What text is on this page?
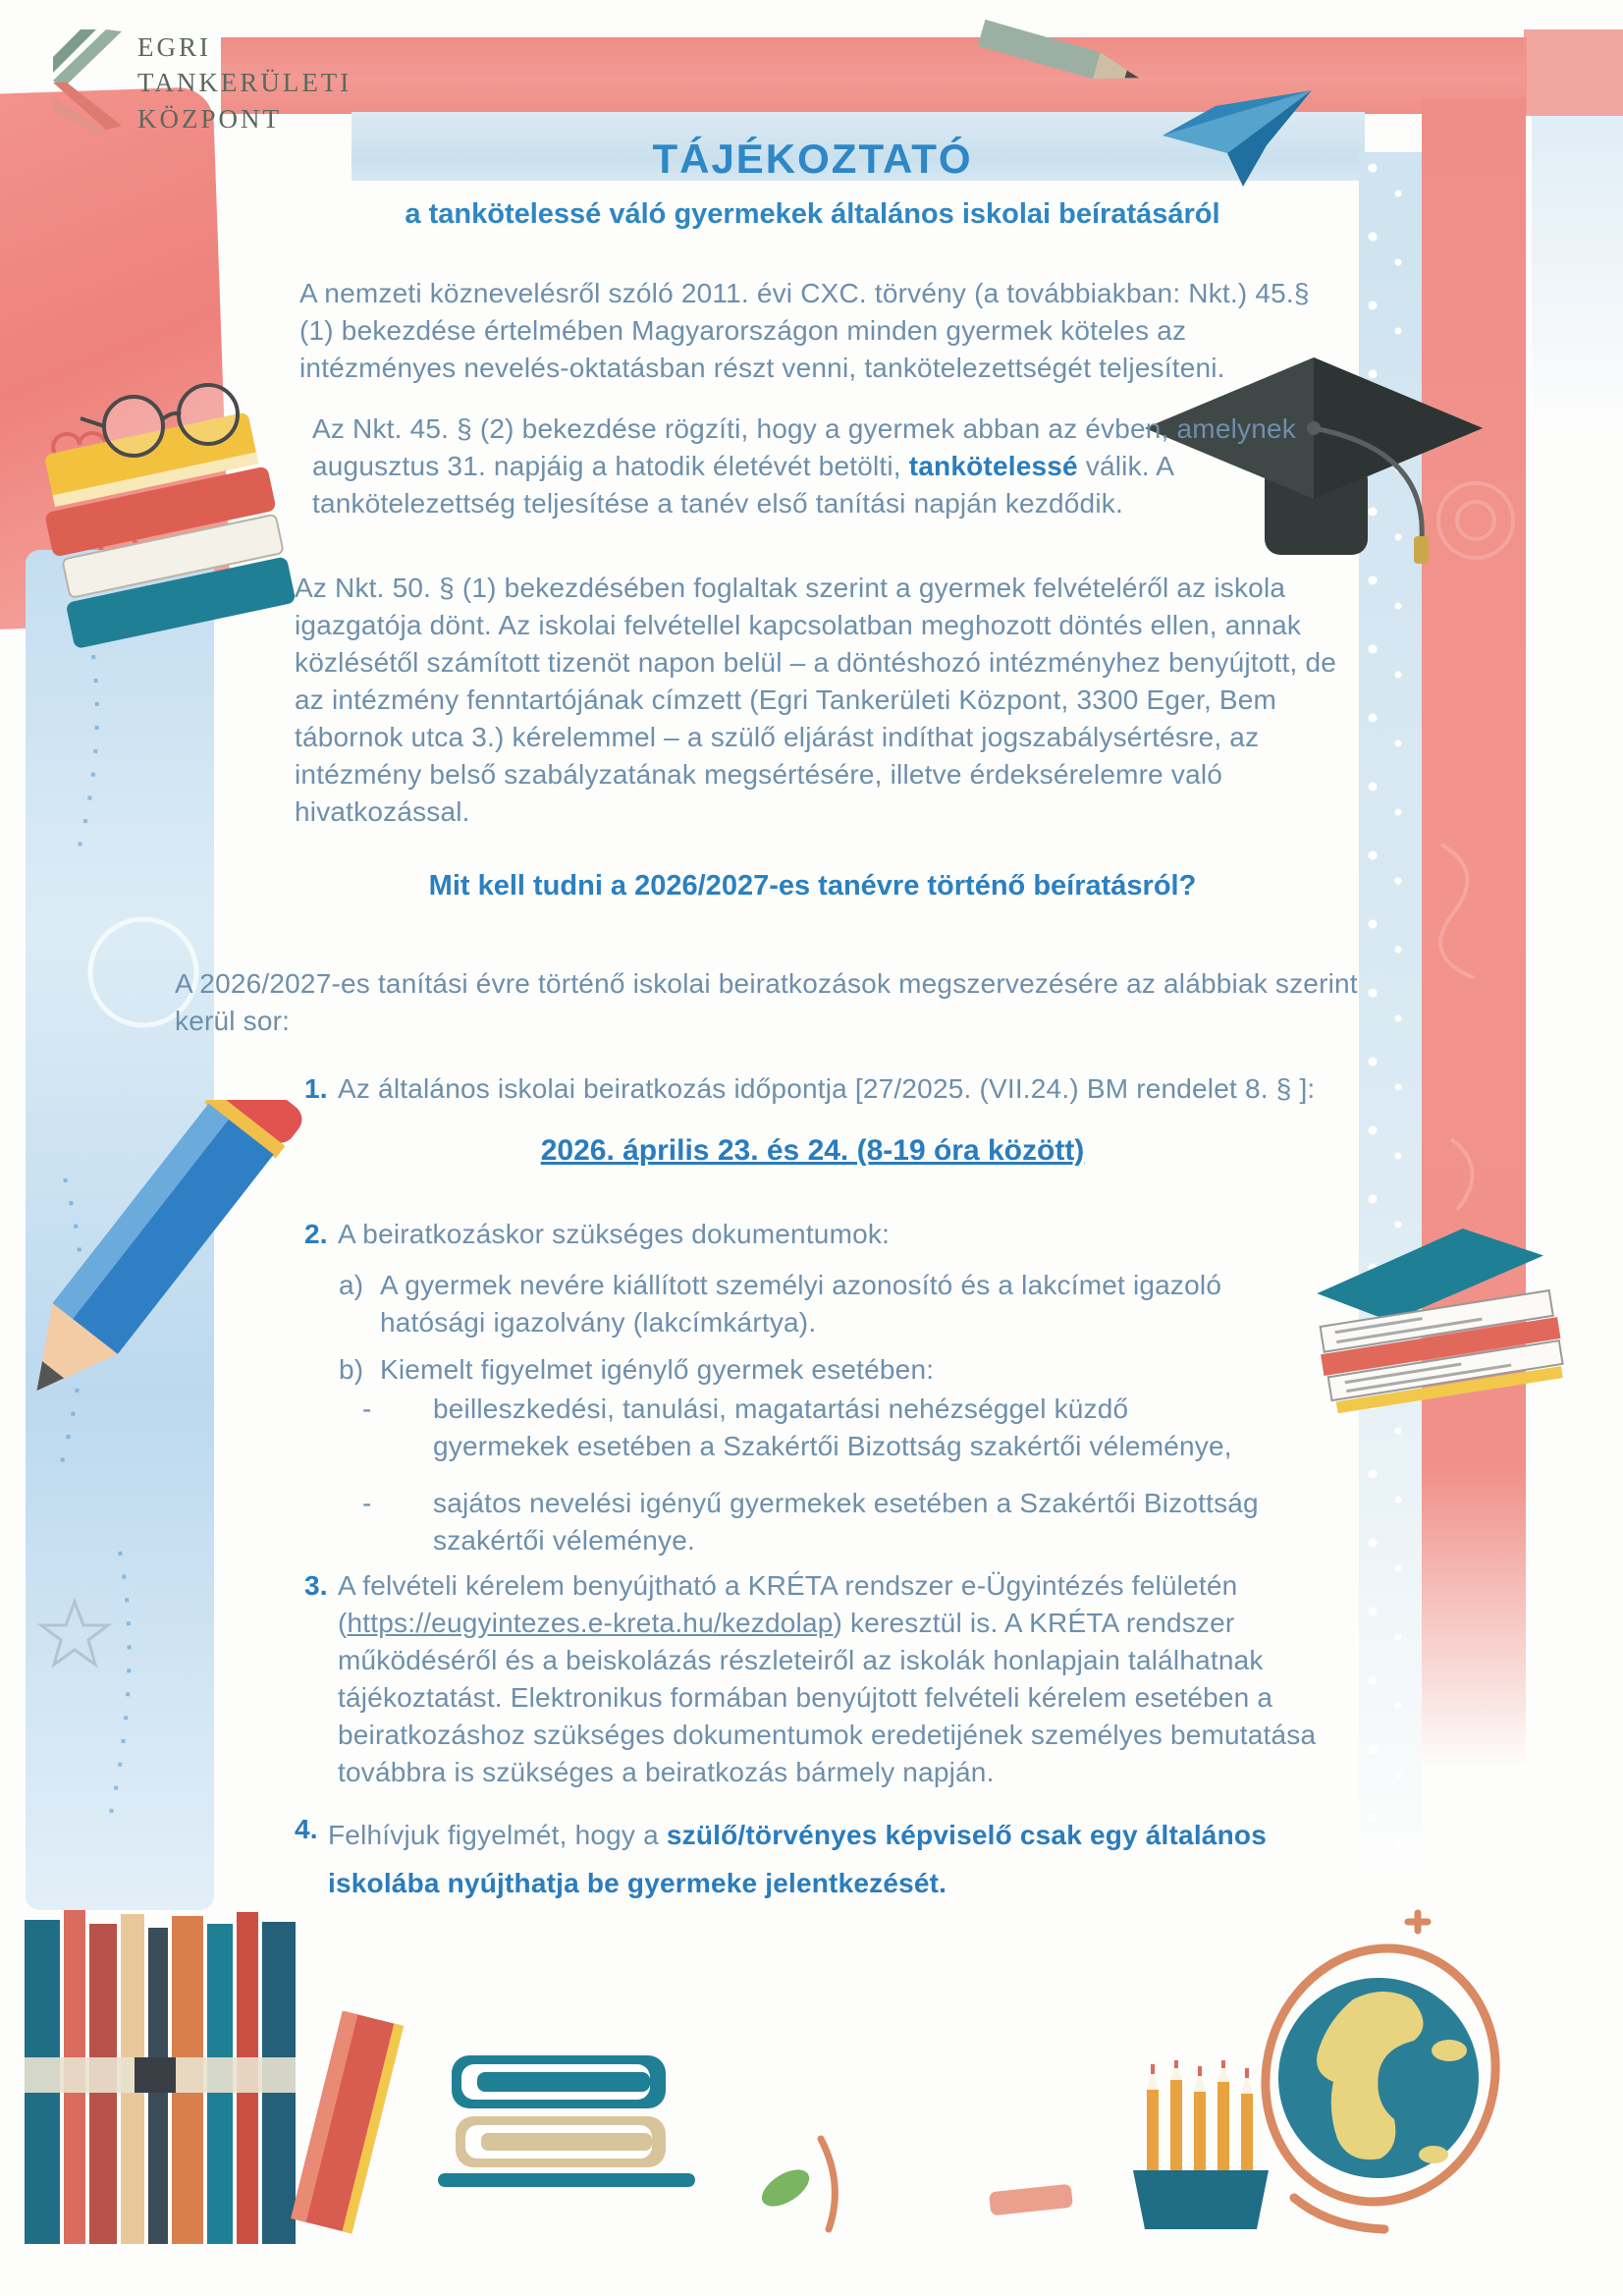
EGRI
TANKERÜLETI
KÖZPONT
TÁJÉKOZTATÓ
a tankötelessé váló gyermekek általános iskolai beíratásáról
A nemzeti köznevelésről szóló 2011. évi CXC. törvény (a továbbiakban: Nkt.) 45.§ (1) bekezdése értelmében Magyarországon minden gyermek köteles az intézményes nevelés-oktatásban részt venni, tankötelezettségét teljesíteni.
Az Nkt. 45. § (2) bekezdése rögzíti, hogy a gyermek abban az évben, amelynek augusztus 31. napjáig a hatodik életévét betölti, tankötelessé válik. A tankötelezettség teljesítése a tanév első tanítási napján kezdődik.
Az Nkt. 50. § (1) bekezdésében foglaltak szerint a gyermek felvételéről az iskola igazgatója dönt. Az iskolai felvétellel kapcsolatban meghozott döntés ellen, annak közlésétől számított tizenöt napon belül – a döntéshozó intézményhez benyújtott, de az intézmény fenntartójának címzett (Egri Tankerületi Központ, 3300 Eger, Bem tábornok utca 3.) kérelemmel – a szülő eljárást indíthat jogszabálysértésre, az intézmény belső szabályzatának megsértésére, illetve érdeksérelemre való hivatkozással.
Mit kell tudni a 2026/2027-es tanévre történő beíratásról?
A 2026/2027-es tanítási évre történő iskolai beiratkozások megszervezésére az alábbiak szerint kerül sor:
1. Az általános iskolai beiratkozás időpontja [27/2025. (VII.24.) BM rendelet 8. § ]:
2026. április 23. és 24. (8-19 óra között)
2. A beiratkozáskor szükséges dokumentumok:
a) A gyermek nevére kiállított személyi azonosító és a lakcímet igazoló hatósági igazolvány (lakcímkártya).
b) Kiemelt figyelmet igénylő gyermek esetében:
-	beilleszkedési, tanulási, magatartási nehézséggel küzdő gyermekek esetében a Szakértői Bizottság szakértői véleménye,
-	sajátos nevelési igényű gyermekek esetében a Szakértői Bizottság szakértői véleménye.
3. A felvételi kérelem benyújtható a KRÉTA rendszer e-Ügyintézés felületén (https://eugyintezes.e-kreta.hu/kezdolap) keresztül is. A KRÉTA rendszer működéséről és a beiskolázás részleteiről az iskolák honlapjain találhatnak tájékoztatást. Elektronikus formában benyújtott felvételi kérelem esetében a beiratkozáshoz szükséges dokumentumok eredetijének személyes bemutatása továbbra is szükséges a beiratkozás bármely napján.
4. Felhívjuk figyelmét, hogy a szülő/törvényes képviselő csak egy általános iskolába nyújthatja be gyermeke jelentkezését.
